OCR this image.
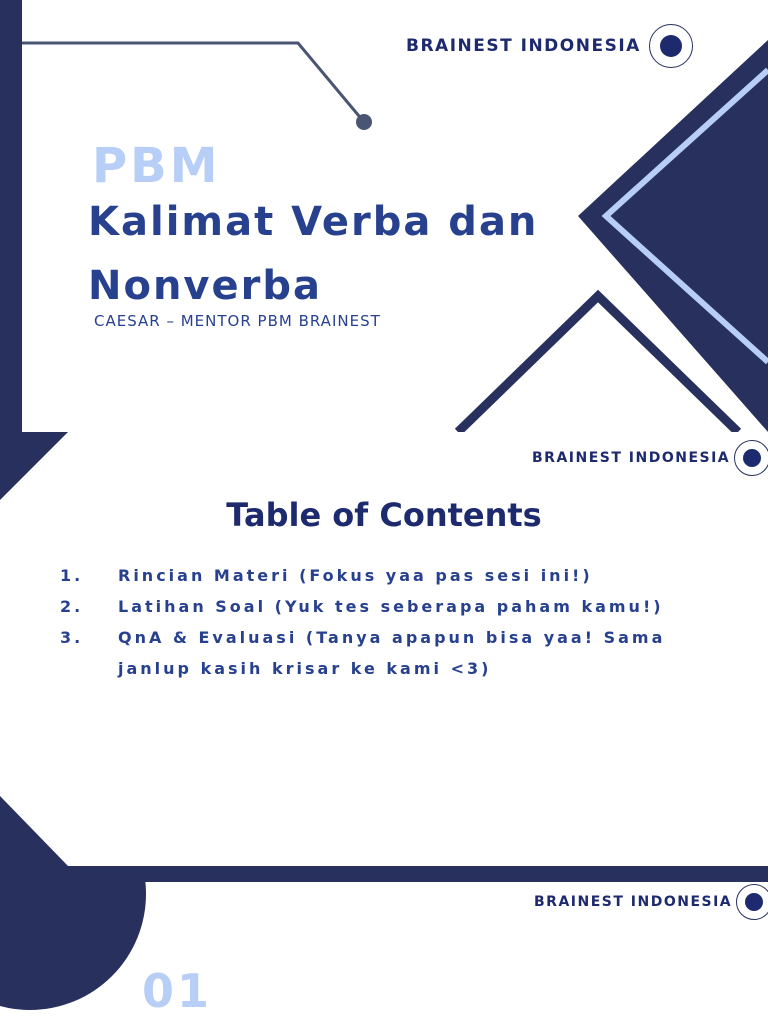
BRAINEST INDONESIA
PBM
Kalimat Verba dan Nonverba
CAESAR – MENTOR PBM BRAINEST
BRAINEST INDONESIA
Table of Contents
1.	Rincian Materi (Fokus yaa pas sesi ini!)
2.	Latihan Soal (Yuk tes seberapa paham kamu!)
3.	QnA & Evaluasi (Tanya apapun bisa yaa! Sama janlup kasih krisar ke kami <3)
BRAINEST INDONESIA
01
